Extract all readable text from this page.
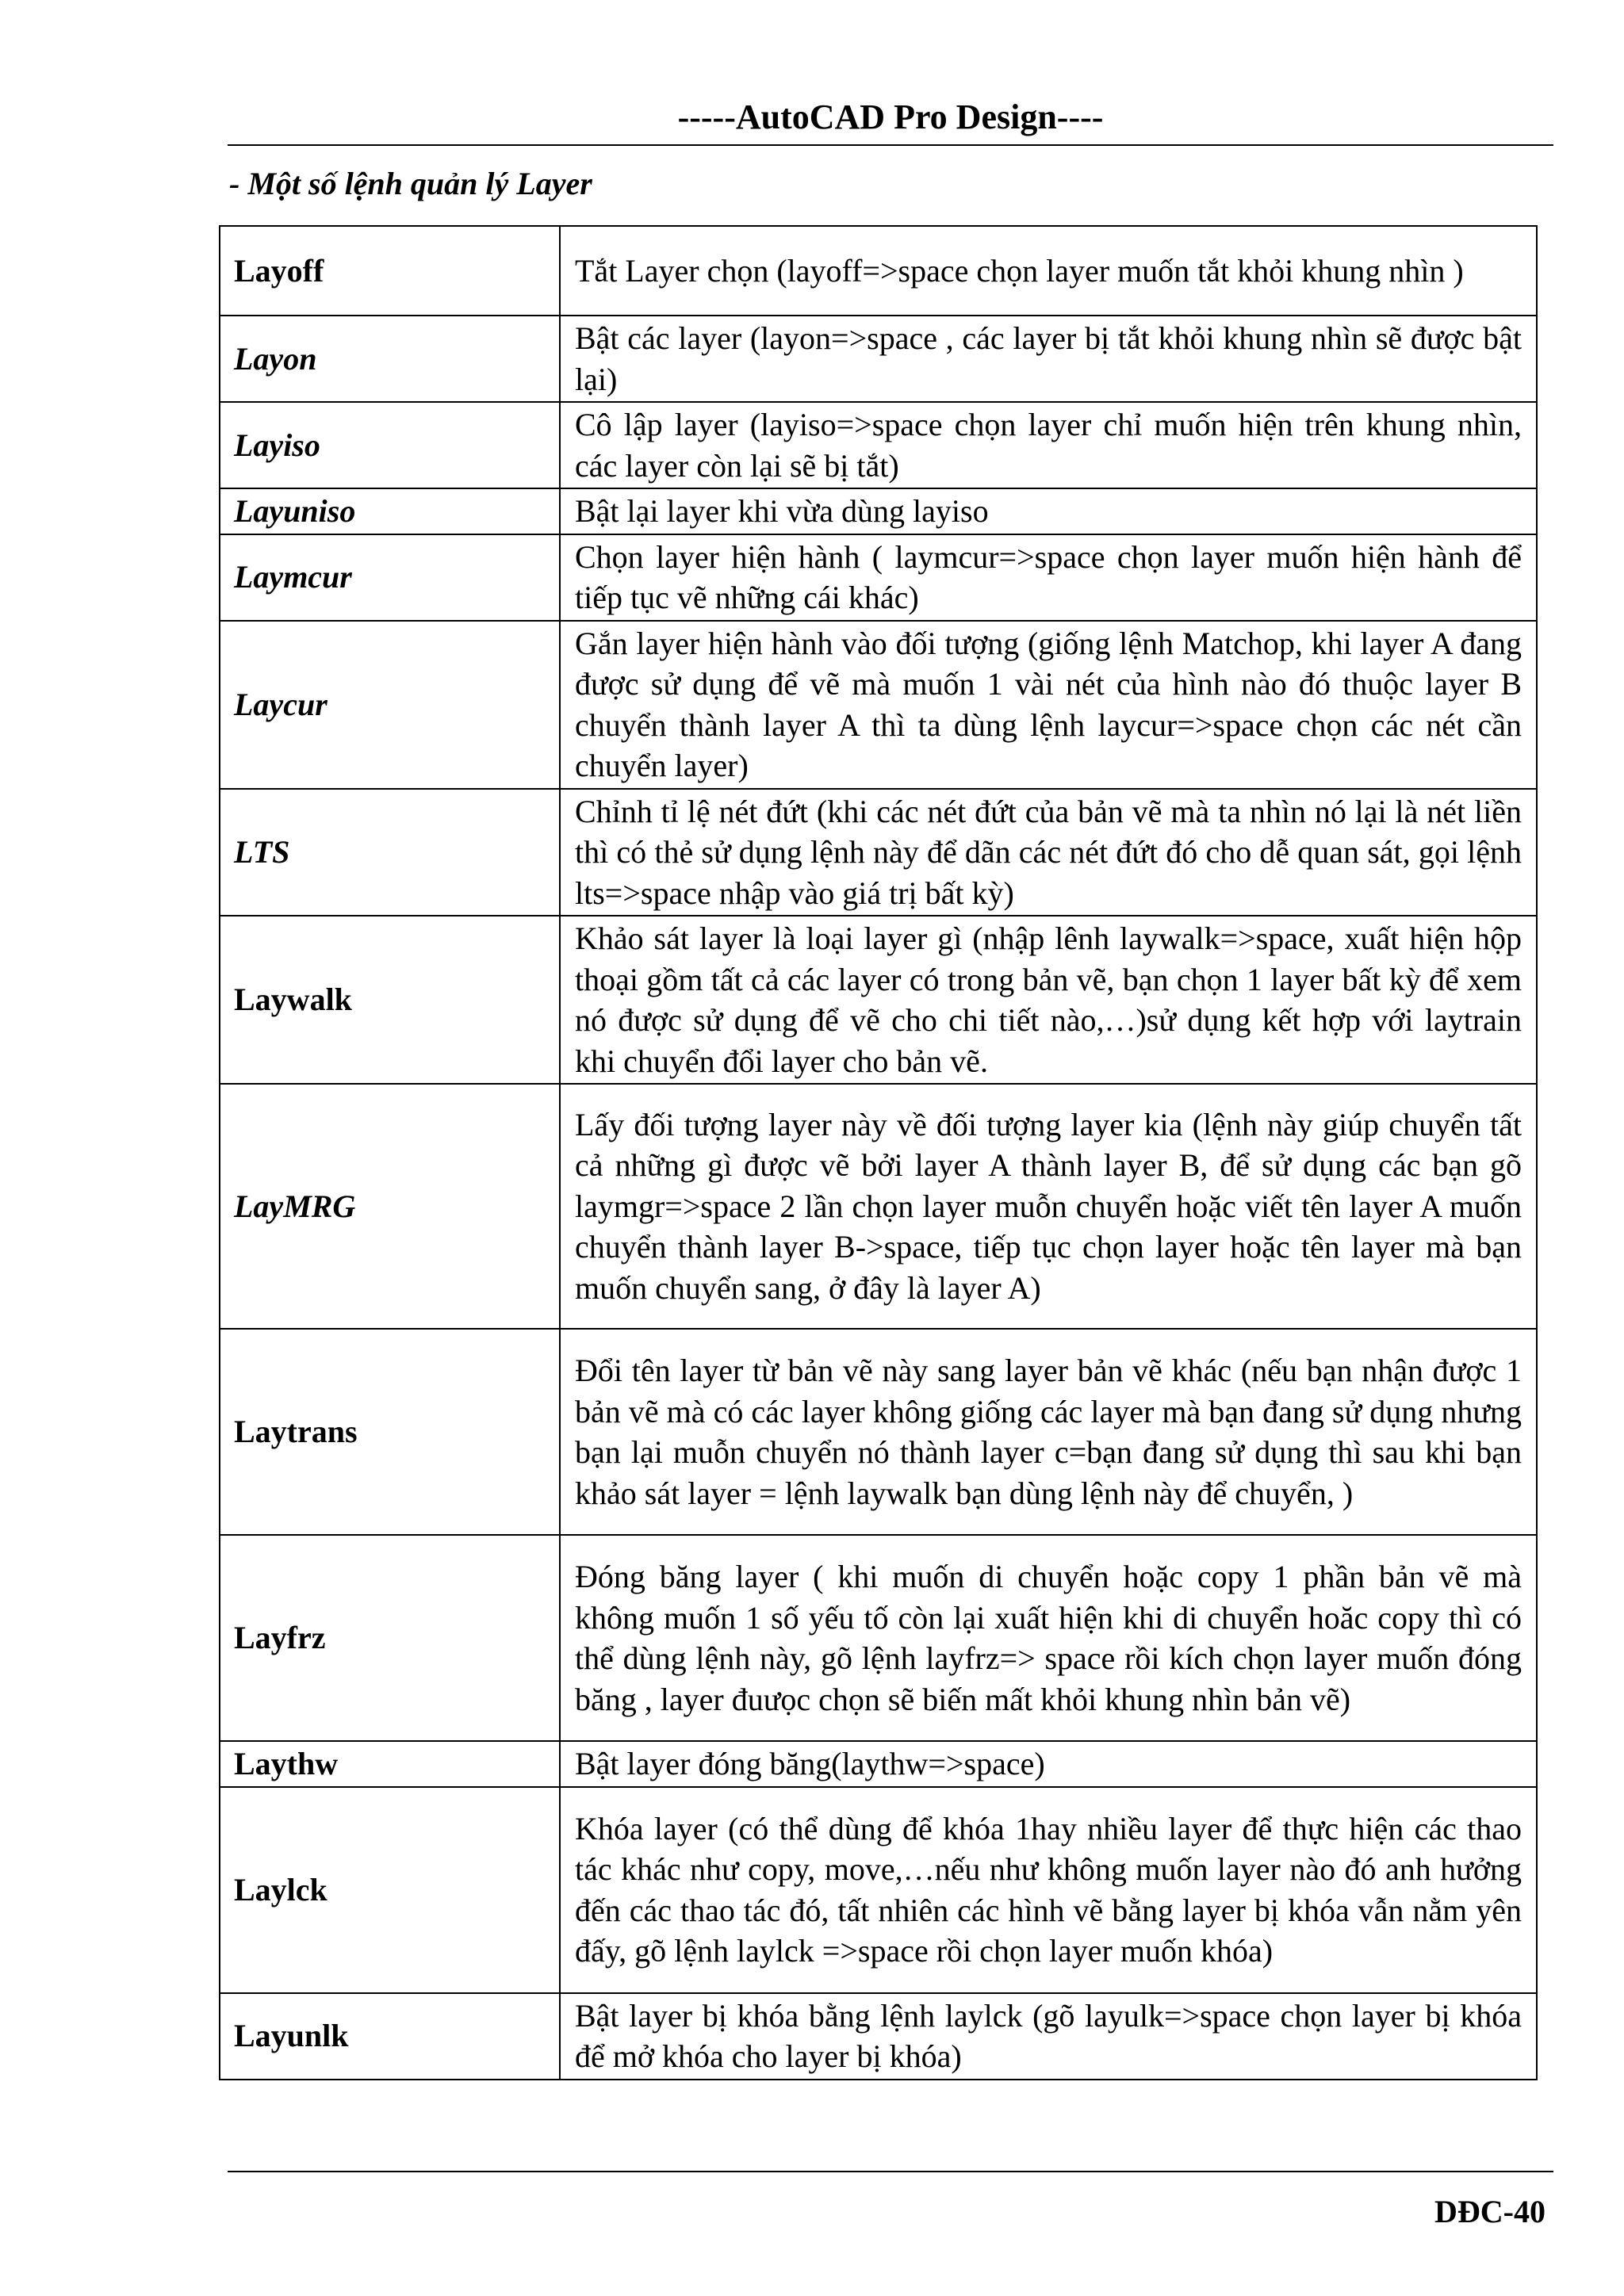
-----AutoCAD Pro Design----
- Một số lệnh quản lý Layer
Layoff	Tắt Layer chọn (layoff=>space chọn layer muốn tắt khỏi khung nhìn )
Layon	Bật các layer (layon=>space , các layer bị tắt khỏi khung nhìn sẽ được bật lại)
Layiso	Cô lập layer (layiso=>space chọn layer chỉ muốn hiện trên khung nhìn, các layer còn lại sẽ bị tắt)
Layuniso	Bật lại layer khi vừa dùng layiso
Laymcur	Chọn layer hiện hành ( laymcur=>space chọn layer muốn hiện hành để tiếp tục vẽ những cái khác)
Laycur	Gắn layer hiện hành vào đối tượng (giống lệnh Matchop, khi layer A đang được sử dụng để vẽ mà muốn 1 vài nét của hình nào đó thuộc layer B chuyển thành layer A thì ta dùng lệnh laycur=>space chọn các nét cần chuyển layer)
LTS	Chỉnh tỉ lệ nét đứt (khi các nét đứt của bản vẽ mà ta nhìn nó lại là nét liền thì có thẻ sử dụng lệnh này để dãn các nét đứt đó cho dễ quan sát, gọi lệnh lts=>space nhập vào giá trị bất kỳ)
Laywalk	Khảo sát layer là loại layer gì (nhập lênh laywalk=>space, xuất hiện hộp thoại gồm tất cả các layer có trong bản vẽ, bạn chọn 1 layer bất kỳ để xem nó được sử dụng để vẽ cho chi tiết nào,…)sử dụng kết hợp với laytrain khi chuyển đổi layer cho bản vẽ.
LayMRG	Lấy đối tượng layer này về đối tượng layer kia (lệnh này giúp chuyển tất cả những gì được vẽ bởi layer A thành layer B, để sử dụng các bạn gõ laymgr=>space 2 lần chọn layer muỗn chuyển hoặc viết tên layer A muốn chuyển thành layer B->space, tiếp tục chọn layer hoặc tên layer mà bạn muốn chuyển sang, ở đây là layer A)
Laytrans	Đổi tên layer từ bản vẽ này sang layer bản vẽ khác (nếu bạn nhận được 1 bản vẽ mà có các layer không giống các layer mà bạn đang sử dụng nhưng bạn lại muỗn chuyển nó thành layer c=bạn đang sử dụng thì sau khi bạn khảo sát layer = lệnh laywalk bạn dùng lệnh này để chuyển, )
Layfrz	Đóng băng layer ( khi muốn di chuyển hoặc copy 1 phần bản vẽ mà không muốn 1 số yếu tố còn lại xuất hiện khi di chuyển hoăc copy thì có thể dùng lệnh này, gõ lệnh layfrz=> space rồi kích chọn layer muốn đóng băng , layer đuưọc chọn sẽ biến mất khỏi khung nhìn bản vẽ)
Laythw	Bật layer đóng băng(laythw=>space)
Laylck	Khóa layer (có thể dùng để khóa 1hay nhiều layer để thực hiện các thao tác khác như copy, move,…nếu như không muốn layer nào đó anh hưởng đến các thao tác đó, tất nhiên các hình vẽ bằng layer bị khóa vẫn nằm yên đấy, gõ lệnh laylck =>space rồi chọn layer muốn khóa)
Layunlk	Bật layer bị khóa bằng lệnh laylck (gõ layulk=>space chọn layer bị khóa để mở khóa cho layer bị khóa)
DĐC-40
